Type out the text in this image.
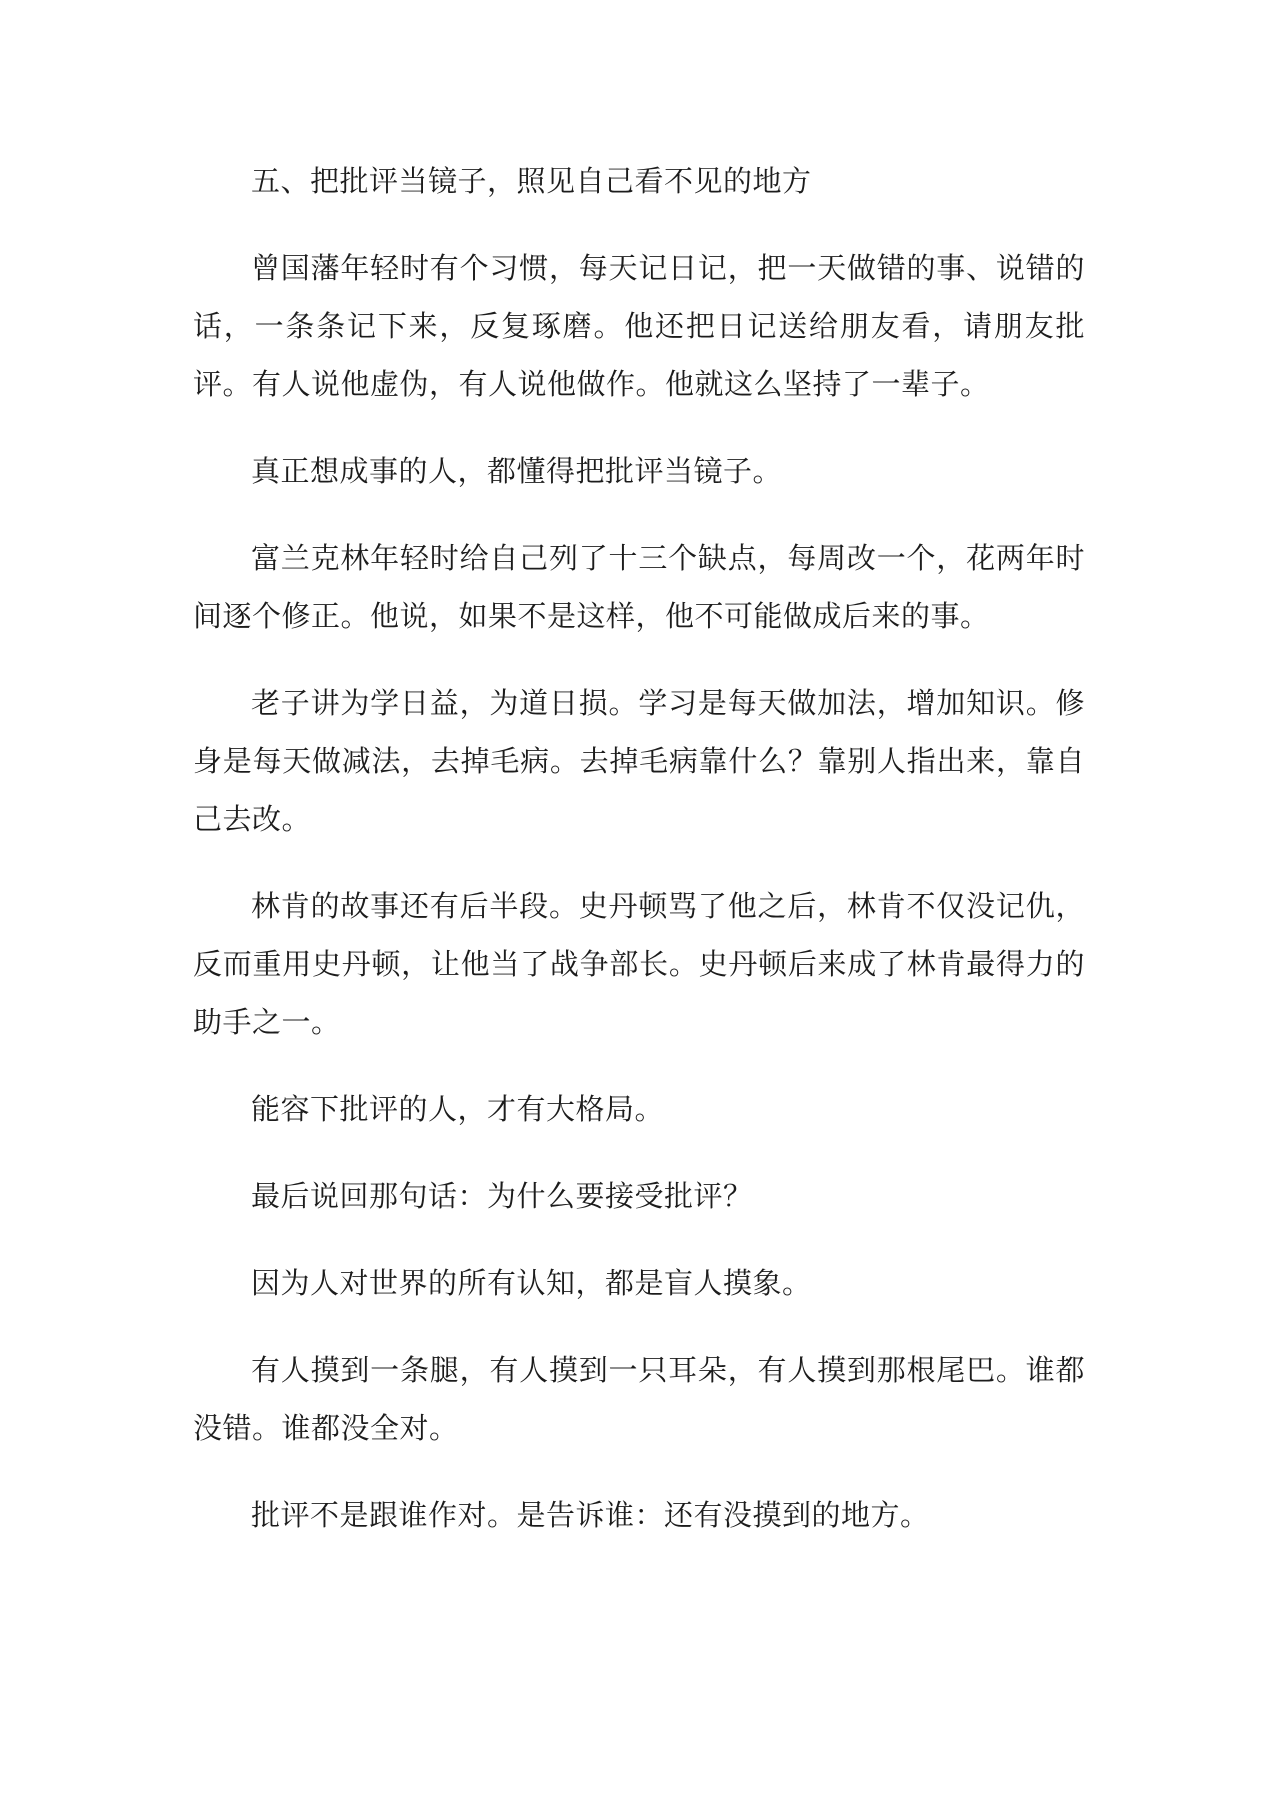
五、把批评当镜子，照见自己看不见的地方

曾国藩年轻时有个习惯，每天记日记，把一天做错的事、说错的话，一条条记下来，反复琢磨。他还把日记送给朋友看，请朋友批评。有人说他虚伪，有人说他做作。他就这么坚持了一辈子。

真正想成事的人，都懂得把批评当镜子。

富兰克林年轻时给自己列了十三个缺点，每周改一个，花两年时间逐个修正。他说，如果不是这样，他不可能做成后来的事。

老子讲为学日益，为道日损。学习是每天做加法，增加知识。修身是每天做减法，去掉毛病。去掉毛病靠什么？靠别人指出来，靠自己去改。

林肯的故事还有后半段。史丹顿骂了他之后，林肯不仅没记仇，反而重用史丹顿，让他当了战争部长。史丹顿后来成了林肯最得力的助手之一。

能容下批评的人，才有大格局。

最后说回那句话：为什么要接受批评？

因为人对世界的所有认知，都是盲人摸象。

有人摸到一条腿，有人摸到一只耳朵，有人摸到那根尾巴。谁都没错。谁都没全对。

批评不是跟谁作对。是告诉谁：还有没摸到的地方。
